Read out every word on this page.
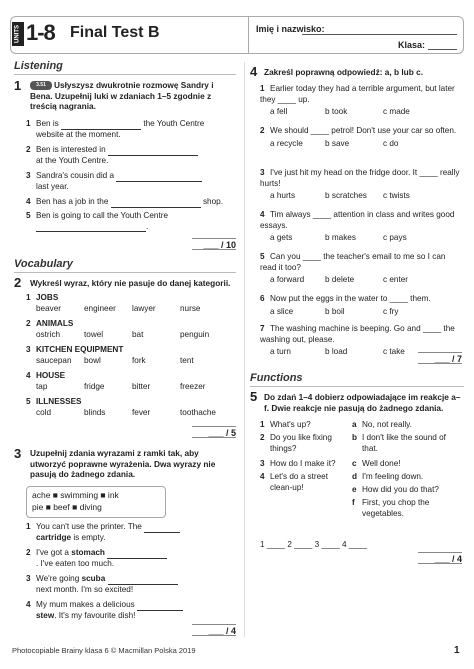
UNITS 1-8 Final Test B	Imię i nazwisko:
Klasa:
Listening
1	3.51 Usłyszysz dwukrotnie rozmowę Sandry i Bena. Uzupełnij luki w zdaniach 1–5 zgodnie z treścią nagrania.
1 Ben is	the Youth Centre
website at the moment.
2 Ben is interested in
at the Youth Centre.
3 Sandra's cousin did a
last year.
4 Ben has a job in the	shop.
5 Ben is going to call the Youth Centre
.
___ / 10
Vocabulary
2 Wykreśl wyraz, który nie pasuje do danej kategorii.
1 JOBS
beaver	engineer	lawyer	nurse
2 ANIMALS
ostrich	towel	bat	penguin
3 KITCHEN EQUIPMENT
saucepan	bowl	fork	tent
4 HOUSE
tap	fridge	bitter	freezer
5 ILLNESSES
cold	blinds	fever	toothache
___ / 5
3 Uzupełnij zdania wyrazami z ramki tak, aby utworzyć poprawne wyrażenia. Dwa wyrazy nie pasują do żadnego zdania.
ache ■ swimming ■ ink
pie ■ beef ■ diving
1 You can't use the printer. The
cartridge is empty.
2 I've got a stomach
. I've eaten too much.
3 We're going scuba
next month. I'm so excited!
4 My mum makes a delicious
stew. It's my favourite dish!
___ / 4
4 Zakreśl poprawną odpowiedź: a, b lub c.
1 Earlier today they had a terrible argument, but later they ____ up.
a fell	b took	c made
2 We should ____ petrol! Don't use your car so often.
a recycle	b save	c do
3 I've just hit my head on the fridge door. It ____ really hurts!
a hurts	b scratches	c twists
4 Tim always ____ attention in class and writes good essays.
a gets	b makes	c pays
5 Can you ____ the teacher's email to me so I can read it too?
a forward	b delete	c enter
6 Now put the eggs in the water to ____ them.
a slice	b boil	c fry
7 The washing machine is beeping. Go and ____ the washing out, please.
a turn	b load	c take
___ / 7
Functions
5 Do zdań 1–4 dobierz odpowiadające im reakcje a–f. Dwie reakcje nie pasują do żadnego zdania.
1 What's up?
2 Do you like fixing things?
3 How do I make it?
4 Let's do a street clean-up!
a No, not really.
b I don't like the sound of that.
c Well done!
d I'm feeling down.
e How did you do that?
f First, you chop the vegetables.
1 ____ 2 ____ 3 ____ 4 ____
___ / 4
Photocopiable Brainy klasa 6 © Macmillan Polska 2019	1
